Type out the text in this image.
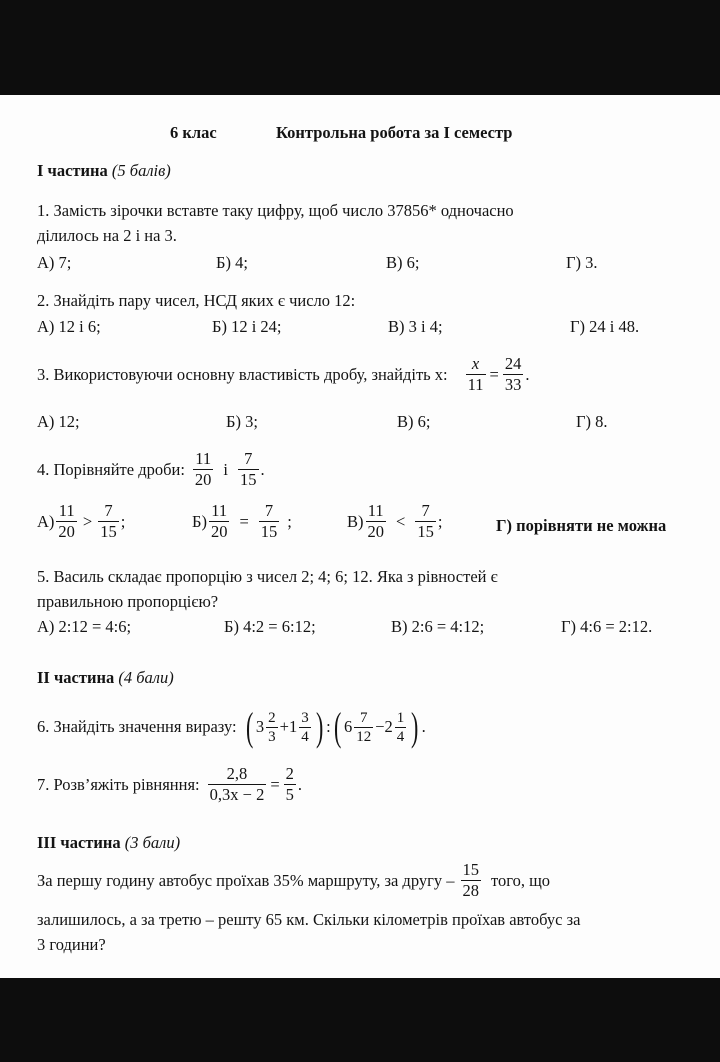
6 клас	Контрольна робота за І семестр
І частина (5 балів)
1. Замість зірочки вставте таку цифру, щоб число 37856* одночасно
ділилось на 2 і на 3.
А) 7;	Б) 4;	В) 6;	Г) 3.
2. Знайдіть пару чисел, НСД яких є число 12:
А) 12 і 6;	Б) 12 і 24;	В) 3 і 4;	Г) 24 і 48.
3. Використовуючи основну властивість дробу, знайдіть х: $\frac{x}{11} = \frac{24}{33}$ .
А) 12;	Б) 3;	В) 6;	Г) 8.
4. Порівняйте дроби: $\frac{11}{20}$ і $\frac{7}{15}$ .
$А) \frac{11}{20} > \frac{7}{15}$ ;	$Б) \frac{11}{20} = \frac{7}{15}$ ;	$В) \frac{11}{20} < \frac{7}{15}$ ;	Г) порівняти не можна
5. Василь складає пропорцію з чисел 2; 4; 6; 12. Яка з рівностей є
правильною пропорцією?
А) 2:12 = 4:6;	Б) 4:2 = 6:12;	В) 2:6 = 4:12;	Г) 4:6 = 2:12.
ІІ частина (4 бали)
6. Знайдіть значення виразу: ( $3 \frac{2}{3} + 1 \frac{3}{4}$ ) : ( $6 \frac{7}{12} - 2 \frac{1}{4}$ ) .
7. Розв’яжіть рівняння: $\frac{2,8}{0,3x - 2} = \frac{2}{5}$ .
ІІІ частина (3 бали)
За першу годину автобус проїхав 35% маршруту, за другу – $\frac{15}{28}$ того, що
залишилось, а за третю – решту 65 км. Скільки кілометрів проїхав автобус за
3 години?
